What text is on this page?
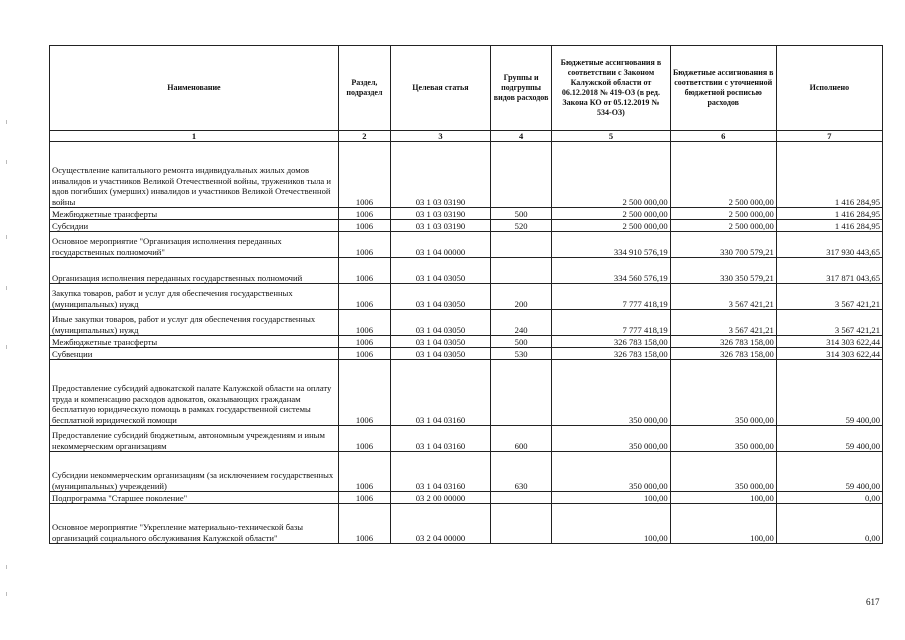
Наименование	Раздел, подраздел	Целевая статья	Группы и подгруппы видов расходов	Бюджетные ассигнования в соответствии с Законом Калужской области от 06.12.2018 № 419-ОЗ (в ред. Закона КО от 05.12.2019 № 534-ОЗ)	Бюджетные ассигнования в соответствии с уточненной бюджетной росписью расходов	Исполнено
1	2	3	4	5	6	7
Осуществление капитального ремонта индивидуальных жилых домов инвалидов и участников Великой Отечественной войны, тружеников тыла и вдов погибших (умерших) инвалидов и участников Великой Отечественной войны	1006	03 1 03 03190		2 500 000,00	2 500 000,00	1 416 284,95
Межбюджетные трансферты	1006	03 1 03 03190	500	2 500 000,00	2 500 000,00	1 416 284,95
Субсидии	1006	03 1 03 03190	520	2 500 000,00	2 500 000,00	1 416 284,95
Основное мероприятие "Организация исполнения переданных государственных полномочий"	1006	03 1 04 00000		334 910 576,19	330 700 579,21	317 930 443,65
Организация исполнения переданных государственных полномочий	1006	03 1 04 03050		334 560 576,19	330 350 579,21	317 871 043,65
Закупка товаров, работ и услуг для обеспечения государственных (муниципальных) нужд	1006	03 1 04 03050	200	7 777 418,19	3 567 421,21	3 567 421,21
Иные закупки товаров, работ и услуг для обеспечения государственных (муниципальных) нужд	1006	03 1 04 03050	240	7 777 418,19	3 567 421,21	3 567 421,21
Межбюджетные трансферты	1006	03 1 04 03050	500	326 783 158,00	326 783 158,00	314 303 622,44
Субвенции	1006	03 1 04 03050	530	326 783 158,00	326 783 158,00	314 303 622,44
Предоставление субсидий адвокатской палате Калужской области на оплату труда и компенсацию расходов адвокатов, оказывающих гражданам бесплатную юридическую помощь в рамках государственной системы бесплатной юридической помощи	1006	03 1 04 03160		350 000,00	350 000,00	59 400,00
Предоставление субсидий бюджетным, автономным учреждениям и иным некоммерческим организациям	1006	03 1 04 03160	600	350 000,00	350 000,00	59 400,00
Субсидии некоммерческим организациям (за исключением государственных (муниципальных) учреждений)	1006	03 1 04 03160	630	350 000,00	350 000,00	59 400,00
Подпрограмма "Старшее поколение"	1006	03 2 00 00000		100,00	100,00	0,00
Основное мероприятие "Укрепление материально-технической базы организаций социального обслуживания Калужской области"	1006	03 2 04 00000		100,00	100,00	0,00
617
